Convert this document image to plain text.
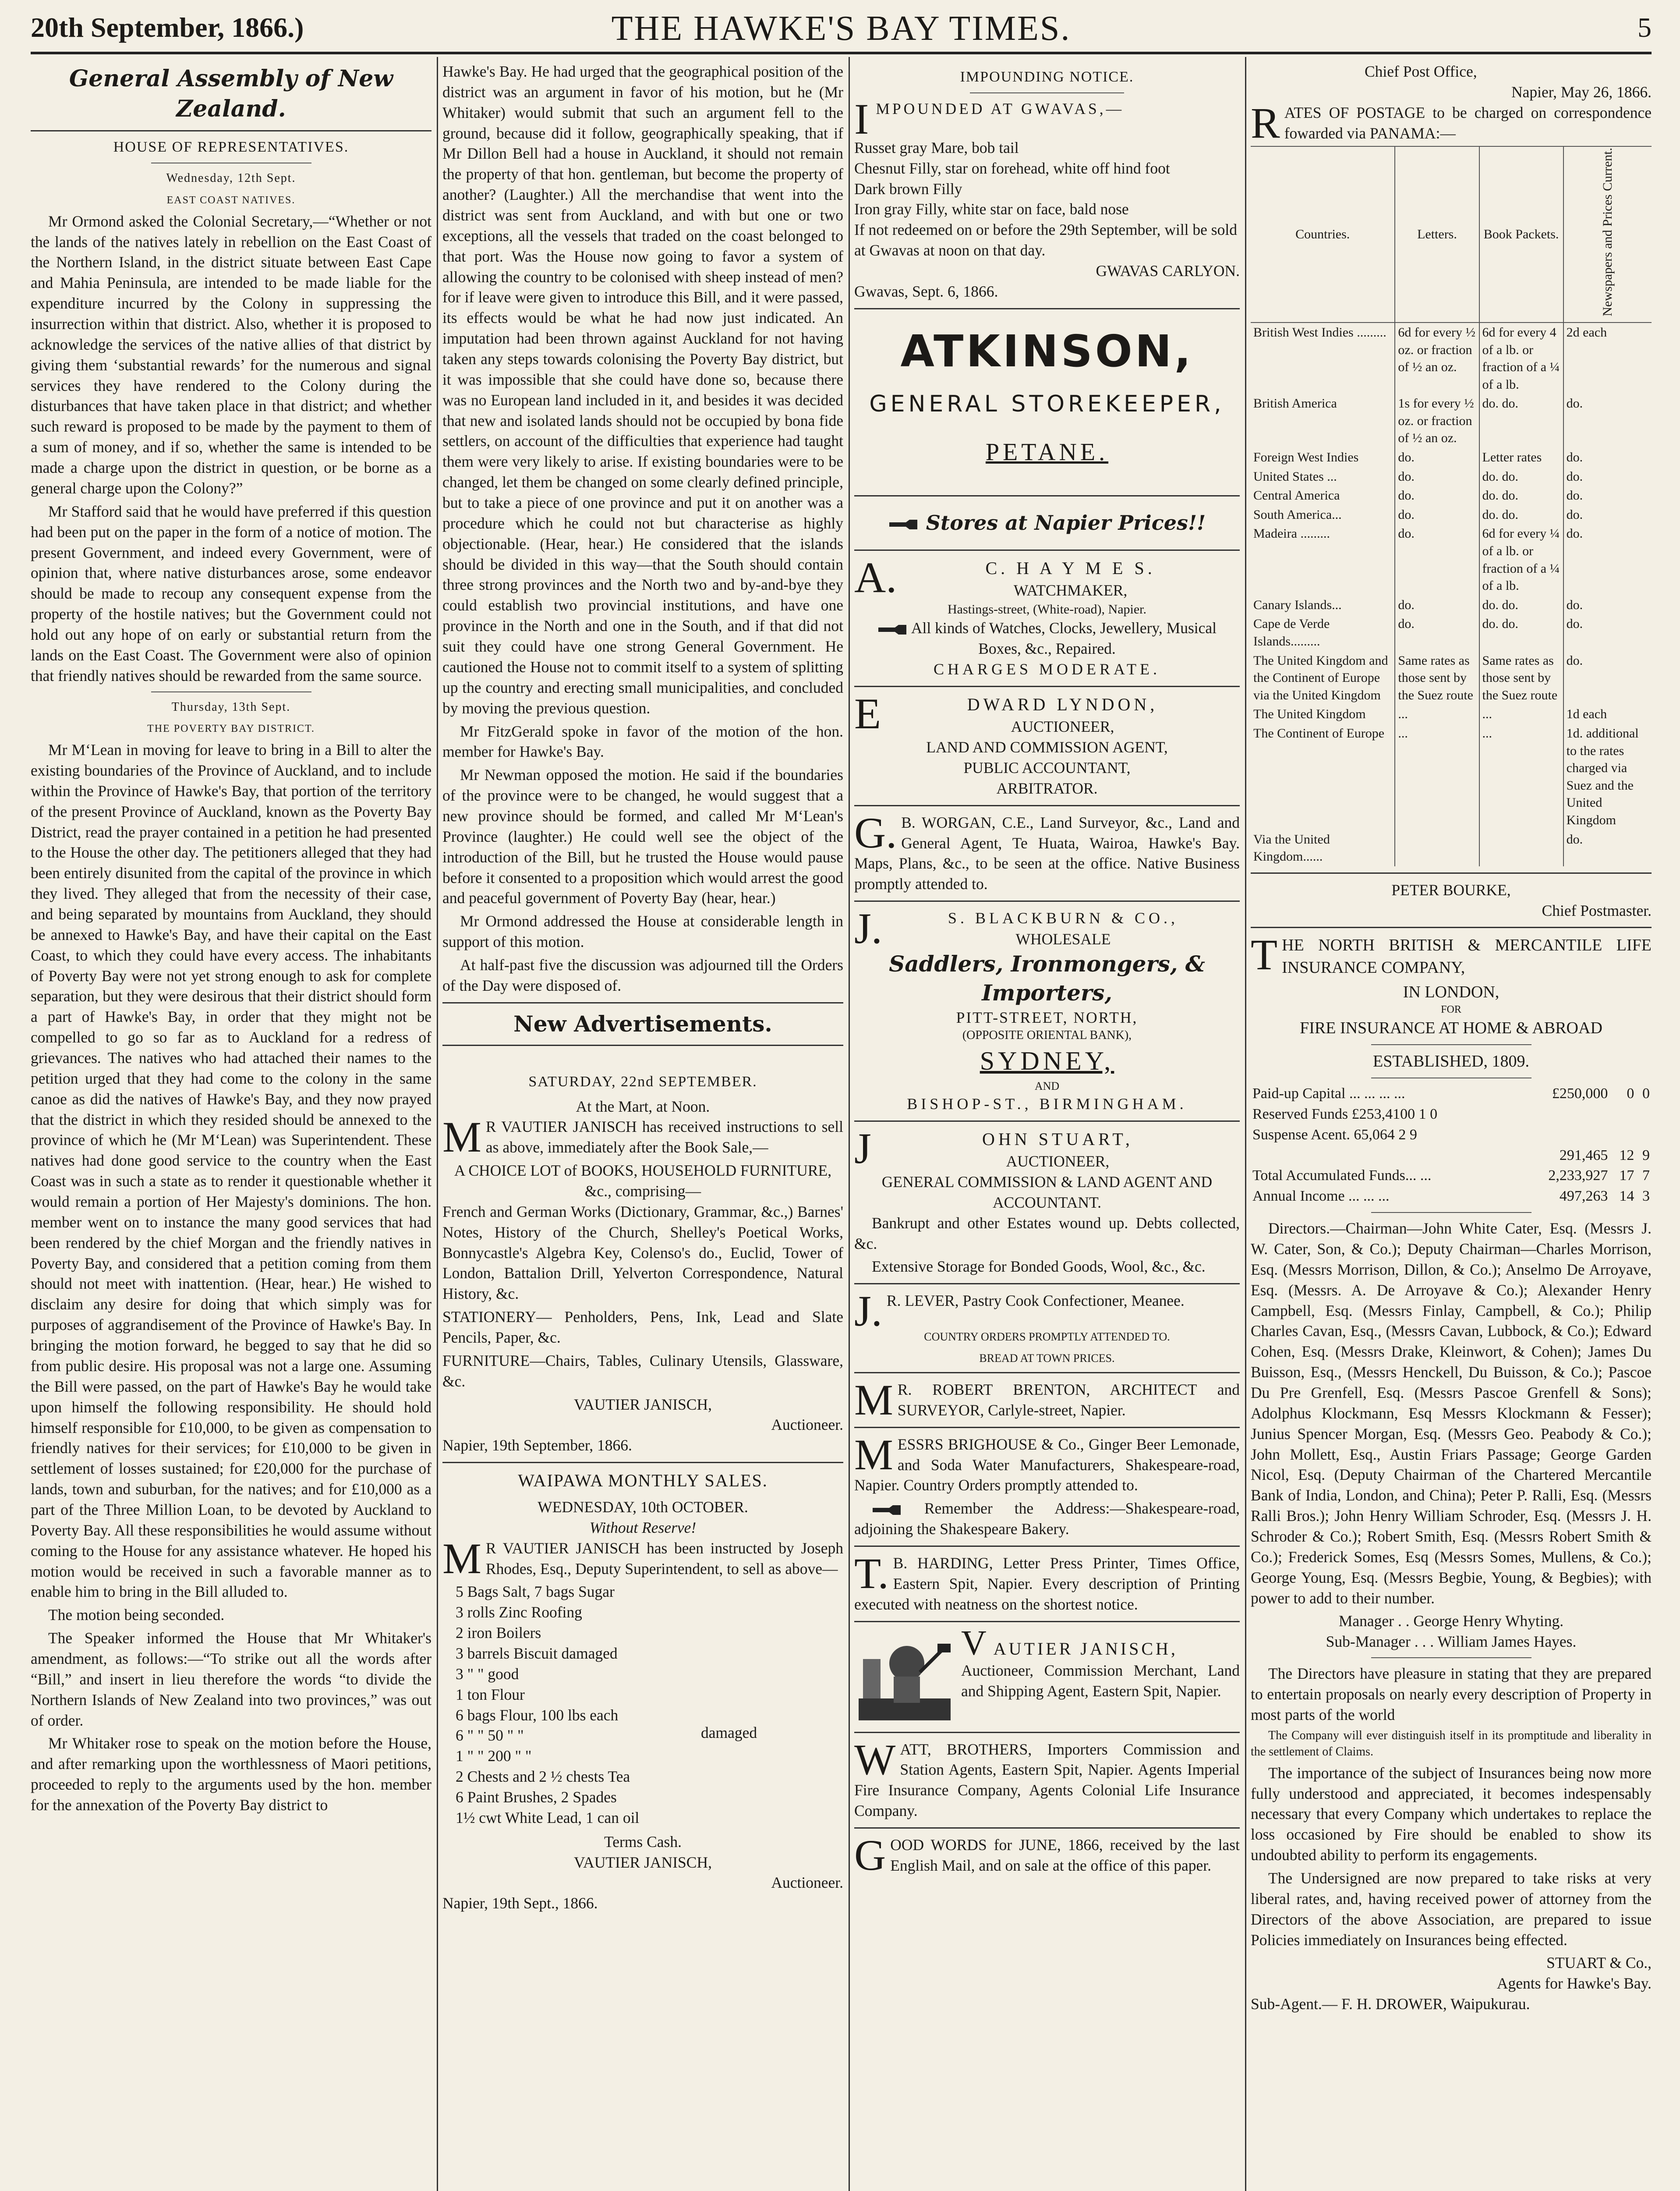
20th September, 1866.)	THE HAWKE'S BAY TIMES.	5
General Assembly of New Zealand.
HOUSE OF REPRESENTATIVES.
Wednesday, 12th Sept.
EAST COAST NATIVES.

Mr Ormond asked the Colonial Secretary,—“Whether or not the lands of the natives lately in rebellion on the East Coast of the Northern Island, in the district situate between East Cape and Mahia Peninsula, are intended to be made liable for the expenditure incurred by the Colony in suppressing the insurrection within that district. Also, whether it is proposed to acknowledge the services of the native allies of that district by giving them ‘substantial rewards’ for the numerous and signal services they have rendered to the Colony during the disturbances that have taken place in that district; and whether such reward is proposed to be made by the payment to them of a sum of money, and if so, whether the same is intended to be made a charge upon the district in question, or be borne as a general charge upon the Colony?”

Mr Stafford said that he would have preferred if this question had been put on the paper in the form of a notice of motion. The present Government, and indeed every Government, were of opinion that, where native disturbances arose, some endeavor should be made to recoup any consequent expense from the property of the hostile natives; but the Government could not hold out any hope of on early or substantial return from the lands on the East Coast. The Government were also of opinion that friendly natives should be rewarded from the same source.

Thursday, 13th Sept.
THE POVERTY BAY DISTRICT.

Mr M‘Lean in moving for leave to bring in a Bill to alter the existing boundaries of the Province of Auckland, and to include within the Province of Hawke's Bay, that portion of the territory of the present Province of Auckland, known as the Poverty Bay District, read the prayer contained in a petition he had presented to the House the other day. The petitioners alleged that they had been entirely disunited from the capital of the province in which they lived. They alleged that from the necessity of their case, and being separated by mountains from Auckland, they should be annexed to Hawke's Bay, and have their capital on the East Coast, to which they could have every access. The inhabitants of Poverty Bay were not yet strong enough to ask for complete separation, but they were desirous that their district should form a part of Hawke's Bay, in order that they might not be compelled to go so far as to Auckland for a redress of grievances. The natives who had attached their names to the petition urged that they had come to the colony in the same canoe as did the natives of Hawke's Bay, and they now prayed that the district in which they resided should be annexed to the province of which he (Mr M‘Lean) was Superintendent. These natives had done good service to the country when the East Coast was in such a state as to render it questionable whether it would remain a portion of Her Majesty's dominions. The hon. member went on to instance the many good services that had been rendered by the chief Morgan and the friendly natives in Poverty Bay, and considered that a petition coming from them should not meet with inattention. (Hear, hear.) He wished to disclaim any desire for doing that which simply was for purposes of aggrandisement of the Province of Hawke's Bay. In bringing the motion forward, he begged to say that he did so from public desire. His proposal was not a large one. Assuming the Bill were passed, on the part of Hawke's Bay he would take upon himself the following responsibility. He should hold himself responsible for £10,000, to be given as compensation to friendly natives for their services; for £10,000 to be given in settlement of losses sustained; for £20,000 for the purchase of lands, town and suburban, for the natives; and for £10,000 as a part of the Three Million Loan, to be devoted by Auckland to Poverty Bay. All these responsibilities he would assume without coming to the House for any assistance whatever. He hoped his motion would be received in such a favorable manner as to enable him to bring in the Bill alluded to.

The motion being seconded.

The Speaker informed the House that Mr Whitaker's amendment, as follows:—“To strike out all the words after “Bill,” and insert in lieu therefore the words “to divide the Northern Islands of New Zealand into two provinces,” was out of order.

Mr Whitaker rose to speak on the motion before the House, and after remarking upon the worthlessness of Maori petitions, proceeded to reply to the arguments used by the hon. member for the annexation of the Poverty Bay district to

Hawke's Bay. He had urged that the geographical position of the district was an argument in favor of his motion, but he (Mr Whitaker) would submit that such an argument fell to the ground, because did it follow, geographically speaking, that if Mr Dillon Bell had a house in Auckland, it should not remain the property of that hon. gentleman, but become the property of another? (Laughter.) All the merchandise that went into the district was sent from Auckland, and with but one or two exceptions, all the vessels that traded on the coast belonged to that port. Was the House now going to favor a system of allowing the country to be colonised with sheep instead of men? for if leave were given to introduce this Bill, and it were passed, its effects would be what he had now just indicated. An imputation had been thrown against Auckland for not having taken any steps towards colonising the Poverty Bay district, but it was impossible that she could have done so, because there was no European land included in it, and besides it was decided that new and isolated lands should not be occupied by bona fide settlers, on account of the difficulties that experience had taught them were very likely to arise. If existing boundaries were to be changed, let them be changed on some clearly defined principle, but to take a piece of one province and put it on another was a procedure which he could not but characterise as highly objectionable. (Hear, hear.) He considered that the islands should be divided in this way—that the South should contain three strong provinces and the North two and by-and-bye they could establish two provincial institutions, and have one province in the North and one in the South, and if that did not suit they could have one strong General Government. He cautioned the House not to commit itself to a system of splitting up the country and erecting small municipalities, and concluded by moving the previous question.

Mr FitzGerald spoke in favor of the motion of the hon. member for Hawke's Bay.

Mr Newman opposed the motion. He said if the boundaries of the province were to be changed, he would suggest that a new province should be formed, and called Mr M‘Lean's Province (laughter.) He could well see the object of the introduction of the Bill, but he trusted the House would pause before it consented to a proposition which would arrest the good and peaceful government of Poverty Bay (hear, hear.)

Mr Ormond addressed the House at considerable length in support of this motion.

At half-past five the discussion was adjourned till the Orders of the Day were disposed of.

New Advertisements.
SATURDAY, 22nd SEPTEMBER.
At the Mart, at Noon.

M R VAUTIER JANISCH has received instructions to sell as above, immediately after the Book Sale,—

A CHOICE LOT of BOOKS, HOUSEHOLD FURNITURE, &c., comprising—

French and German Works (Dictionary, Grammar, &c.,) Barnes' Notes, History of the Church, Shelley's Poetical Works, Bonnycastle's Algebra Key, Colenso's do., Euclid, Tower of London, Battalion Drill, Yelverton Correspondence, Natural History, &c.

STATIONERY— Penholders, Pens, Ink, Lead and Slate Pencils, Paper, &c.

FURNITURE—Chairs, Tables, Culinary Utensils, Glassware, &c.

VAUTIER JANISCH,
Auctioneer.
Napier, 19th September, 1866.
WAIPAWA MONTHLY SALES.
WEDNESDAY, 10th OCTOBER.
Without Reserve!

M R VAUTIER JANISCH has been instructed by Joseph Rhodes, Esq., Deputy Superintendent, to sell as above—

5 Bags Salt, 7 bags Sugar
3 rolls Zinc Roofing
2 iron Boilers
3 barrels Biscuit damaged
3 " " good
1 ton Flour
6 bags Flour, 100 lbs each
6 " " 50 " "
1 " " 200 " "
damaged
2 Chests and 2 ½ chests Tea
6 Paint Brushes, 2 Spades
1½ cwt White Lead, 1 can oil
Terms Cash.
VAUTIER JANISCH,
Auctioneer.
Napier, 19th Sept., 1866.
IMPOUNDING NOTICE.

IMPOUNDED AT GWAVAS,—

Russet gray Mare, bob tail
Chesnut Filly, star on forehead, white off hind foot
Dark brown Filly
Iron gray Filly, white star on face, bald nose
If not redeemed on or before the 29th September, will be sold at Gwavas at noon on that day.
GWAVAS CARLYON.
Gwavas, Sept. 6, 1866.
ATKINSON,
GENERAL STOREKEEPER,
PETANE.
Stores at Napier Prices!!
A.	C. H A Y M E S.
WATCHMAKER,
Hastings-street, (White-road), Napier.
All kinds of Watches, Clocks, Jewellery, Musical Boxes, &c., Repaired.
CHARGES MODERATE.
E	DWARD LYNDON,
AUCTIONEER,
LAND AND COMMISSION AGENT,
PUBLIC ACCOUNTANT,
ARBITRATOR.

G. B. WORGAN, C.E., Land Surveyor, &c., Land and General Agent, Te Huata, Wairoa, Hawke's Bay. Maps, Plans, &c., to be seen at the office. Native Business promptly attended to.

J.	S. BLACKBURN & CO.,
WHOLESALE
Saddlers, Ironmongers, & Importers,
PITT-STREET, NORTH,
(OPPOSITE ORIENTAL BANK),
SYDNEY,
AND
BISHOP-ST., BIRMINGHAM.
J	OHN STUART,
AUCTIONEER,
GENERAL COMMISSION & LAND AGENT AND ACCOUNTANT.

Bankrupt and other Estates wound up. Debts collected, &c.

Extensive Storage for Bonded Goods, Wool, &c., &c.

J. R. LEVER, Pastry Cook Confectioner, Meanee.

COUNTRY ORDERS PROMPTLY ATTENDED TO.
BREAD AT TOWN PRICES.

M R. ROBERT BRENTON, ARCHITECT and SURVEYOR, Carlyle-street, Napier.

MESSRS BRIGHOUSE & Co., Ginger Beer Lemonade, and Soda Water Manufacturers, Shakespeare-road, Napier. Country Orders promptly attended to.

Remember the Address:—Shakespeare-road, adjoining the Shakespeare Bakery.

T. B. HARDING, Letter Press Printer, Times Office, Eastern Spit, Napier. Every description of Printing executed with neatness on the shortest notice.

VAUTIER JANISCH,

Auctioneer, Commission Merchant, Land and Shipping Agent, Eastern Spit, Napier.

WATT, BROTHERS, Importers Commission and Station Agents, Eastern Spit, Napier. Agents Imperial Fire Insurance Company, Agents Colonial Life Insurance Company.

GOOD WORDS for JUNE, 1866, received by the last English Mail, and on sale at the office of this paper.

Chief Post Office,
Napier, May 26, 1866.

RATES OF POSTAGE to be charged on correspondence fowarded via PANAMA:—

Countries.	Letters.	Book Packets.	Newspapers and Prices Current.
British West Indies .........	6d for every ½ oz. or fraction of ½ an oz.	6d for every 4 of a lb. or fraction of a ¼ of a lb.	2d each
British America	1s for every ½ oz. or fraction of ½ an oz.	do. do.	do.
Foreign West Indies	do.	Letter rates	do.
United States ...	do.	do. do.	do.
Central America	do.	do. do.	do.
South America...	do.	do. do.	do.
Madeira .........	do.	6d for every ¼ of a lb. or fraction of a ¼ of a lb.	do.
Canary Islands...	do.	do. do.	do.
Cape de Verde Islands.........	do.	do. do.	do.
The United Kingdom and the Continent of Europe via the United Kingdom	Same rates as those sent by the Suez route	Same rates as those sent by the Suez route	do.
The United Kingdom	...	...	1d each
The Continent of Europe	...	...	1d. additional to the rates charged via Suez and the United Kingdom
Via the United Kingdom......			do.
PETER BOURKE,
Chief Postmaster.

THE NORTH BRITISH & MERCANTILE LIFE INSURANCE COMPANY,

IN LONDON,
FOR
FIRE INSURANCE AT HOME & ABROAD
ESTABLISHED, 1809.
Paid-up Capital ... ... ... ...	£250,000	0	0
Reserved Funds £253,4100 1 0			
Suspense Acent. 65,064 2 9			
	291,465	12	9
Total Accumulated Funds... ...	2,233,927	17	7
Annual Income ... ... ...	497,263	14	3

Directors.—Chairman—John White Cater, Esq. (Messrs J. W. Cater, Son, & Co.); Deputy Chairman—Charles Morrison, Esq. (Messrs Morrison, Dillon, & Co.); Anselmo De Arroyave, Esq. (Messrs. A. De Arroyave & Co.); Alexander Henry Campbell, Esq. (Messrs Finlay, Campbell, & Co.); Philip Charles Cavan, Esq., (Messrs Cavan, Lubbock, & Co.); Edward Cohen, Esq. (Messrs Drake, Kleinwort, & Cohen); James Du Buisson, Esq., (Messrs Henckell, Du Buisson, & Co.); Pascoe Du Pre Grenfell, Esq. (Messrs Pascoe Grenfell & Sons); Adolphus Klockmann, Esq Messrs Klockmann & Fesser); Junius Spencer Morgan, Esq. (Messrs Geo. Peabody & Co.); John Mollett, Esq., Austin Friars Passage; George Garden Nicol, Esq. (Deputy Chairman of the Chartered Mercantile Bank of India, London, and China); Peter P. Ralli, Esq. (Messrs Ralli Bros.); John Henry William Schroder, Esq. (Messrs J. H. Schroder & Co.); Robert Smith, Esq. (Messrs Robert Smith & Co.); Frederick Somes, Esq (Messrs Somes, Mullens, & Co.); George Young, Esq. (Messrs Begbie, Young, & Begbies); with power to add to their number.

Manager . . George Henry Whyting.
Sub-Manager . . . William James Hayes.

The Directors have pleasure in stating that they are prepared to entertain proposals on nearly every description of Property in most parts of the world

The Company will ever distinguish itself in its promptitude and liberality in the settlement of Claims.

The importance of the subject of Insurances being now more fully understood and appreciated, it becomes indespensably necessary that every Company which undertakes to replace the loss occasioned by Fire should be enabled to show its undoubted ability to perform its engagements.

The Undersigned are now prepared to take risks at very liberal rates, and, having received power of attorney from the Directors of the above Association, are prepared to issue Policies immediately on Insurances being effected.

STUART & Co.,
Agents for Hawke's Bay.
Sub-Agent.— F. H. DROWER, Waipukurau.
